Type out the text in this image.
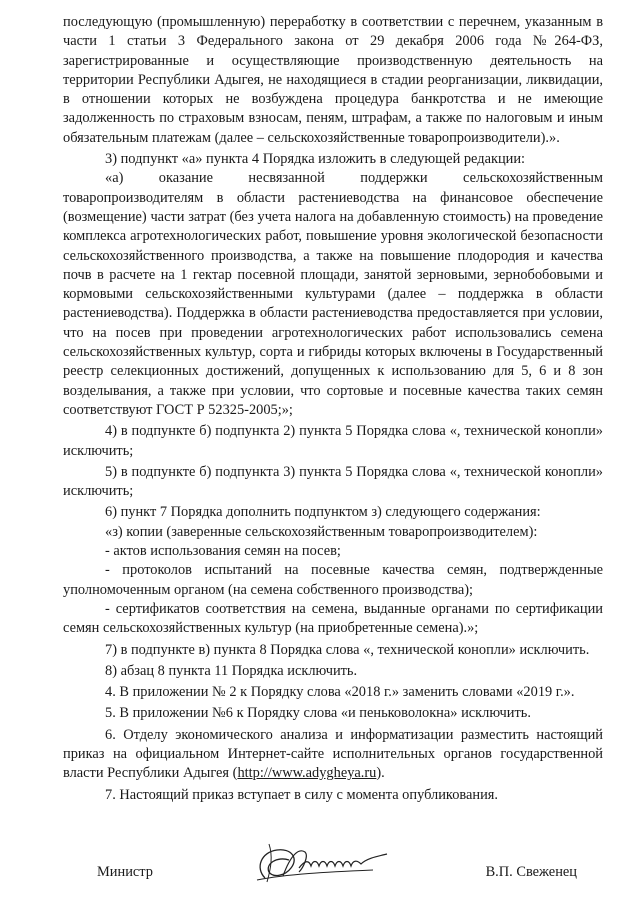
последующую (промышленную) переработку в соответствии с перечнем, указанным в части 1 статьи 3 Федерального закона от 29 декабря 2006 года №264-ФЗ, зарегистрированные и осуществляющие производственную деятельность на территории Республики Адыгея, не находящиеся в стадии реорганизации, ликвидации, в отношении которых не возбуждена процедура банкротства и не имеющие задолженность по страховым взносам, пеням, штрафам, а также по налоговым и иным обязательным платежам (далее – сельскохозяйственные товаропроизводители).».

3) подпункт «а» пункта 4 Порядка изложить в следующей редакции:

«а) оказание несвязанной поддержки сельскохозяйственным товаропроизводителям в области растениеводства на финансовое обеспечение (возмещение) части затрат (без учета налога на добавленную стоимость) на проведение комплекса агротехнологических работ, повышение уровня экологической безопасности сельскохозяйственного производства, а также на повышение плодородия и качества почв в расчете на 1 гектар посевной площади, занятой зерновыми, зернобобовыми и кормовыми сельскохозяйственными культурами (далее – поддержка в области растениеводства). Поддержка в области растениеводства предоставляется при условии, что на посев при проведении агротехнологических работ использовались семена сельскохозяйственных культур, сорта и гибриды которых включены в Государственный реестр селекционных достижений, допущенных к использованию для 5, 6 и 8 зон возделывания, а также при условии, что сортовые и посевные качества таких семян соответствуют ГОСТ Р 52325-2005;»;

4) в подпункте б) подпункта 2) пункта 5 Порядка слова «, технической конопли» исключить;

5) в подпункте б) подпункта 3) пункта 5 Порядка слова «, технической конопли» исключить;

6) пункт 7 Порядка дополнить подпунктом з) следующего содержания:

«з) копии (заверенные сельскохозяйственным товаропроизводителем):

- актов использования семян на посев;

- протоколов испытаний на посевные качества семян, подтвержденные уполномоченным органом (на семена собственного производства);

- сертификатов соответствия на семена, выданные органами по сертификации семян сельскохозяйственных культур (на приобретенные семена).»;

7) в подпункте в) пункта 8 Порядка слова «, технической конопли» исключить.

8) абзац 8 пункта 11 Порядка исключить.

4. В приложении № 2 к Порядку слова «2018 г.» заменить словами «2019 г.».

5. В приложении №6 к Порядку слова «и пеньковолокна» исключить.

6. Отделу экономического анализа и информатизации разместить настоящий приказ на официальном Интернет-сайте исполнительных органов государственной власти Республики Адыгея (http://www.adygheya.ru).

7. Настоящий приказ вступает в силу с момента опубликования.

Министр	В.П. Свеженец
